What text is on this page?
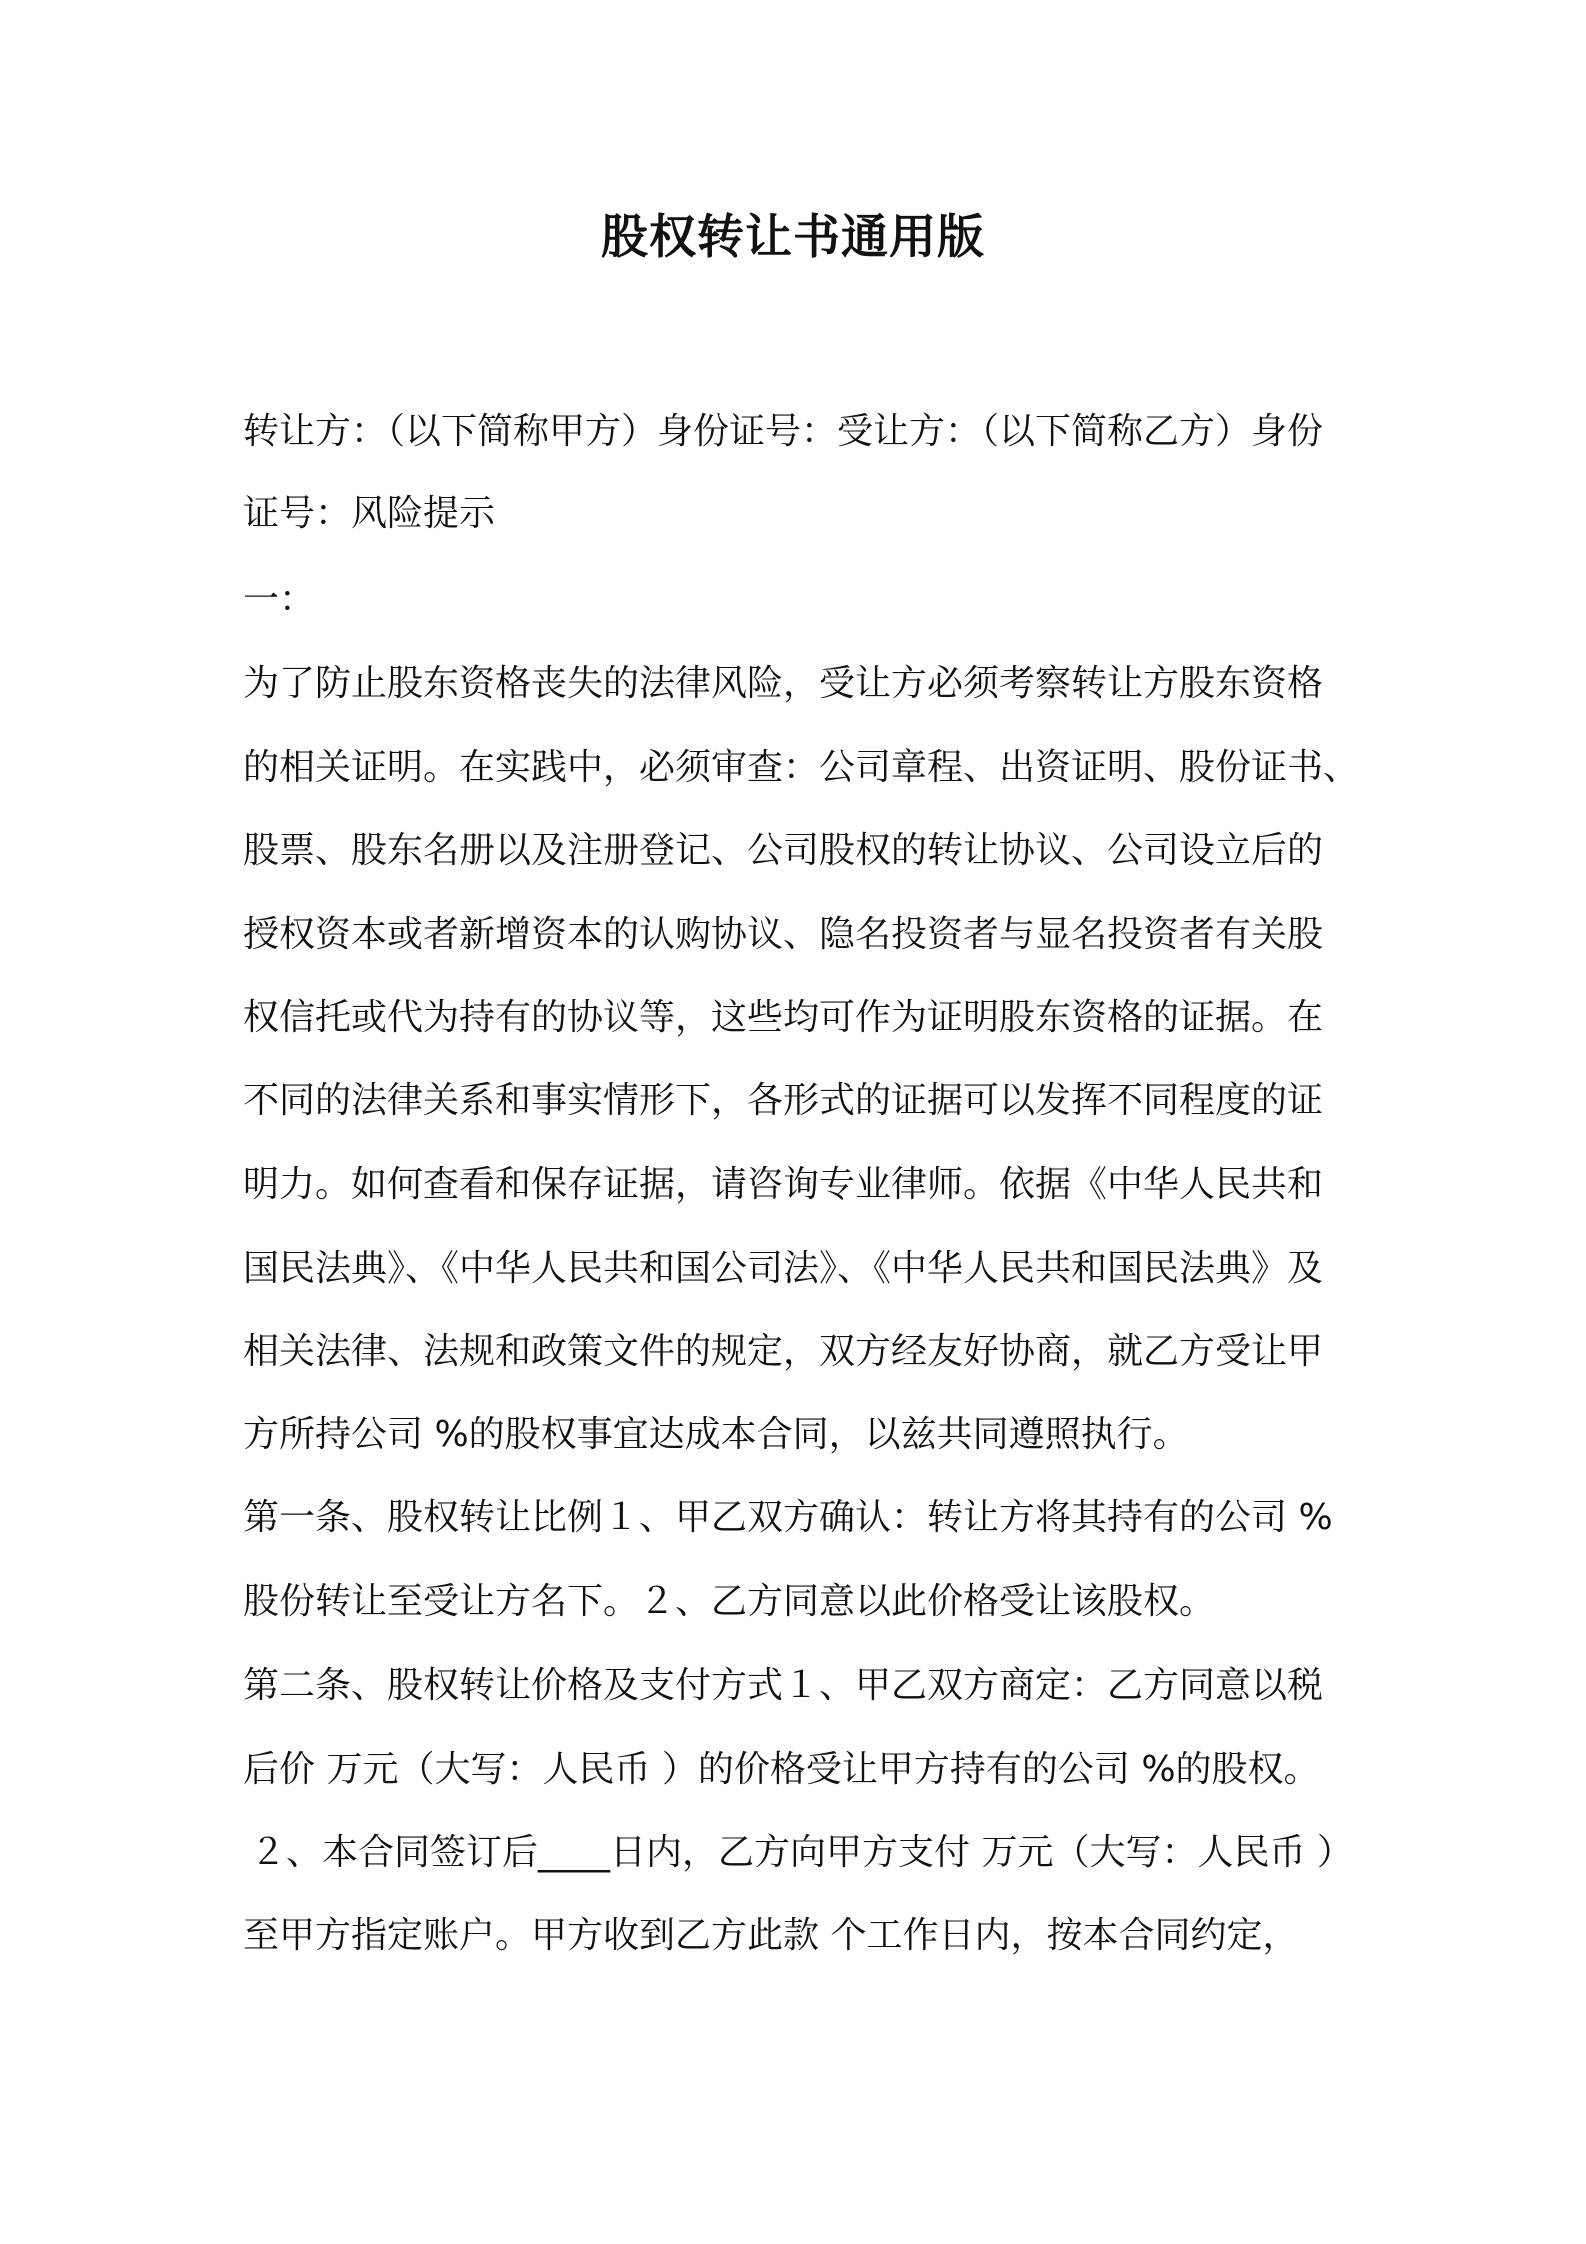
股权转让书通用版
转让方：（以下简称甲方）身份证号：受让方：（以下简称乙方）身份
证号：风险提示
一：
为了防止股东资格丧失的法律风险，受让方必须考察转让方股东资格
的相关证明。在实践中，必须审查：公司章程、出资证明、股份证书、
股票、股东名册以及注册登记、公司股权的转让协议、公司设立后的
授权资本或者新增资本的认购协议、隐名投资者与显名投资者有关股
权信托或代为持有的协议等，这些均可作为证明股东资格的证据。在
不同的法律关系和事实情形下，各形式的证据可以发挥不同程度的证
明力。如何查看和保存证据，请咨询专业律师。依据《中华人民共和
国民法典》、《中华人民共和国公司法》、《中华人民共和国民法典》及
相关法律、法规和政策文件的规定，双方经友好协商，就乙方受让甲
方所持公司 %的股权事宜达成本合同，以兹共同遵照执行。
第一条、股权转让比例１、甲乙双方确认：转让方将其持有的公司 %
股份转让至受让方名下。２、乙方同意以此价格受让该股权。
第二条、股权转让价格及支付方式１、甲乙双方商定：乙方同意以税
后价 万元（大写：人民币 ）的价格受让甲方持有的公司 %的股权。
２、本合同签订后____日内，乙方向甲方支付 万元（大写：人民币 ）
至甲方指定账户。甲方收到乙方此款 个工作日内，按本合同约定，
